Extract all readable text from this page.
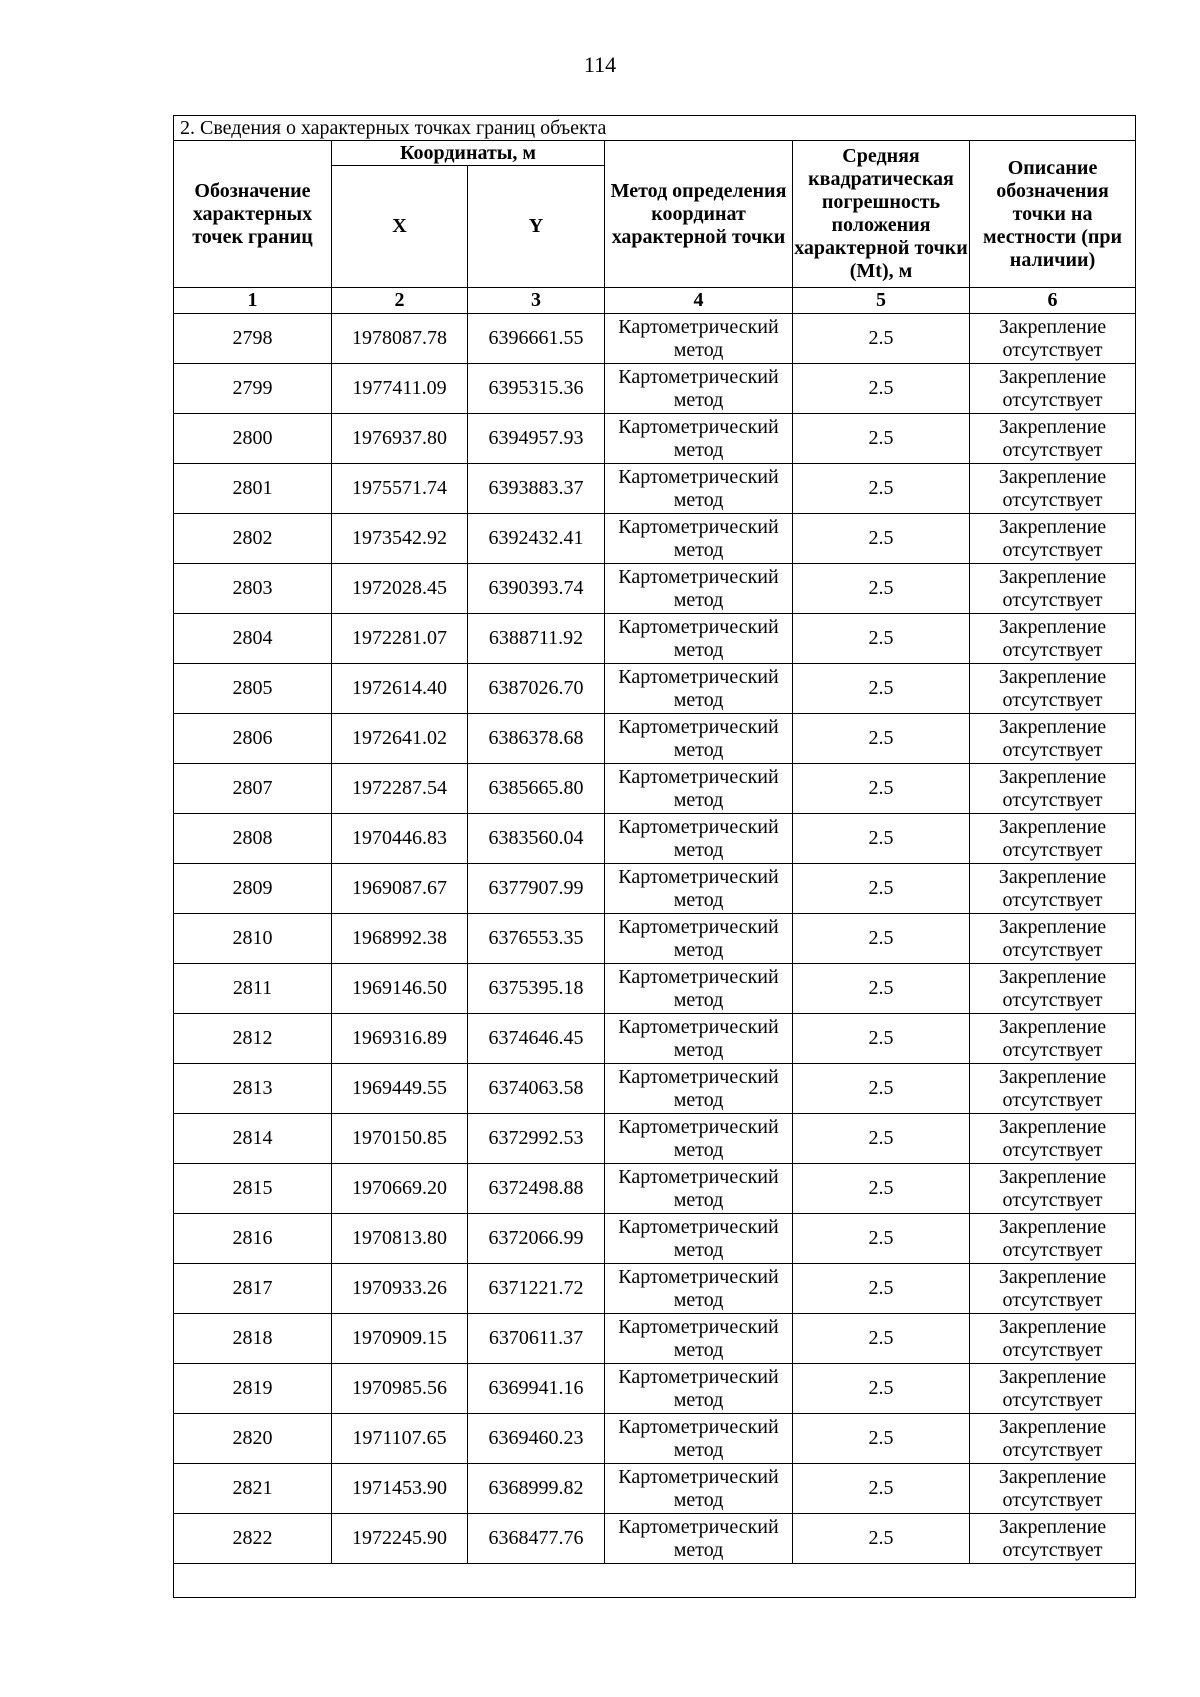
114
2. Сведения о характерных точках границ объекта					
Обозначение характерных точек границ	Координаты, м		Метод определения координат характерной точки	Средняя квадратическая погрешность положения характерной точки (Mt), м	Описание обозначения точки на местности (при наличии)
	X	Y			
1	2	3	4	5	6
2798	1978087.78	6396661.55	Картометрический метод	2.5	Закрепление отсутствует
2799	1977411.09	6395315.36	Картометрический метод	2.5	Закрепление отсутствует
2800	1976937.80	6394957.93	Картометрический метод	2.5	Закрепление отсутствует
2801	1975571.74	6393883.37	Картометрический метод	2.5	Закрепление отсутствует
2802	1973542.92	6392432.41	Картометрический метод	2.5	Закрепление отсутствует
2803	1972028.45	6390393.74	Картометрический метод	2.5	Закрепление отсутствует
2804	1972281.07	6388711.92	Картометрический метод	2.5	Закрепление отсутствует
2805	1972614.40	6387026.70	Картометрический метод	2.5	Закрепление отсутствует
2806	1972641.02	6386378.68	Картометрический метод	2.5	Закрепление отсутствует
2807	1972287.54	6385665.80	Картометрический метод	2.5	Закрепление отсутствует
2808	1970446.83	6383560.04	Картометрический метод	2.5	Закрепление отсутствует
2809	1969087.67	6377907.99	Картометрический метод	2.5	Закрепление отсутствует
2810	1968992.38	6376553.35	Картометрический метод	2.5	Закрепление отсутствует
2811	1969146.50	6375395.18	Картометрический метод	2.5	Закрепление отсутствует
2812	1969316.89	6374646.45	Картометрический метод	2.5	Закрепление отсутствует
2813	1969449.55	6374063.58	Картометрический метод	2.5	Закрепление отсутствует
2814	1970150.85	6372992.53	Картометрический метод	2.5	Закрепление отсутствует
2815	1970669.20	6372498.88	Картометрический метод	2.5	Закрепление отсутствует
2816	1970813.80	6372066.99	Картометрический метод	2.5	Закрепление отсутствует
2817	1970933.26	6371221.72	Картометрический метод	2.5	Закрепление отсутствует
2818	1970909.15	6370611.37	Картометрический метод	2.5	Закрепление отсутствует
2819	1970985.56	6369941.16	Картометрический метод	2.5	Закрепление отсутствует
2820	1971107.65	6369460.23	Картометрический метод	2.5	Закрепление отсутствует
2821	1971453.90	6368999.82	Картометрический метод	2.5	Закрепление отсутствует
2822	1972245.90	6368477.76	Картометрический метод	2.5	Закрепление отсутствует
